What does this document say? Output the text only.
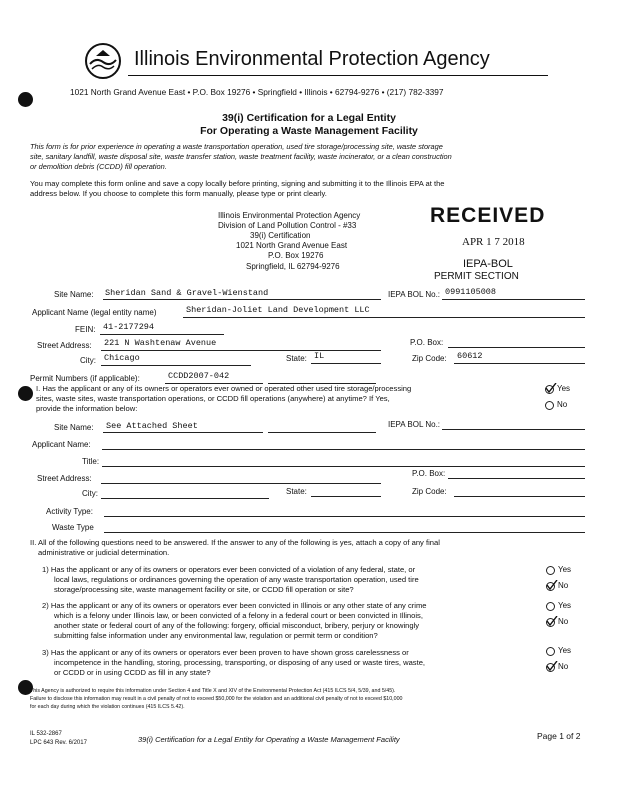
Illinois Environmental Protection Agency
1021 North Grand Avenue East • P.O. Box 19276 • Springfield • Illinois • 62794-9276 • (217) 782-3397
39(i) Certification for a Legal Entity
For Operating a Waste Management Facility
This form is for prior experience in operating a waste transportation operation, used tire storage/processing site, waste storage
site, sanitary landfill, waste disposal site, waste transfer station, waste treatment facility, waste incinerator, or a clean construction
or demolition debris (CCDD) fill operation.
You may complete this form online and save a copy locally before printing, signing and submitting it to the Illinois EPA at the
address below. If you choose to complete this form manually, please type or print clearly.
Illinois Environmental Protection Agency
Division of Land Pollution Control - #33
39(i) Certification
1021 North Grand Avenue East
P.O. Box 19276
Springfield, IL 62794-9276
RECEIVED
APR 1 7 2018
IEPA-BOL
PERMIT SECTION
Site Name: Sheridan Sand & Gravel-Wienstand	IEPA BOL No.: 0991105008
Applicant Name (legal entity name)	Sheridan-Joliet Land Development LLC
FEIN: 41-2177294
Street Address: 221 N Washtenaw Avenue	P.O. Box:
City: Chicago	State: IL	Zip Code: 60612
Permit Numbers (if applicable):	CCDD2007-042
I. Has the applicant or any of its owners or operators ever owned or operated other used tire storage/processing
sites, waste sites, waste transportation operations, or CCDD fill operations (anywhere) at anytime? If Yes,
provide the information below:
Yes
No
Site Name: See Attached Sheet	IEPA BOL No.:
Applicant Name:
Title:
Street Address:
P.O. Box:
City:	State:	Zip Code:
Activity Type:
Waste Type
II. All of the following questions need to be answered. If the answer to any of the following is yes, attach a copy of any final
administrative or judicial determination.
1) Has the applicant or any of its owners or operators ever been convicted of a violation of any federal, state, or
local laws, regulations or ordinances governing the operation of any waste transportation operation, used tire
storage/processing site, waste management facility or site, or CCDD fill operation or site?
Yes
No
2) Has the applicant or any of its owners or operators ever been convicted in Illinois or any other state of any crime
which is a felony under Illinois law, or been convicted of a felony in a federal court or been convicted in Illinois,
another state or federal court of any of the following: forgery, official misconduct, bribery, perjury or knowingly
submitting false information under any environmental law, regulation or permit term or condition?
Yes
No
3) Has the applicant or any of its owners or operators ever been proven to have shown gross carelessness or
incompetence in the handling, storing, processing, transporting, or disposing of any used or waste tires, waste,
or CCDD or in using CCDD as fill in any state?
Yes
No
This Agency is authorized to require this information under Section 4 and Title X and XIV of the Environmental Protection Act (415 ILCS 5/4, 5/39, and 5/45).
Failure to disclose this information may result in a civil penalty of not to exceed $50,000 for the violation and an additional civil penalty of not to exceed $10,000
for each day during which the violation continues (415 ILCS 5.42).
IL 532-2867
LPC 643 Rev. 6/2017	39(i) Certification for a Legal Entity for Operating a Waste Management Facility	Page 1 of 2
